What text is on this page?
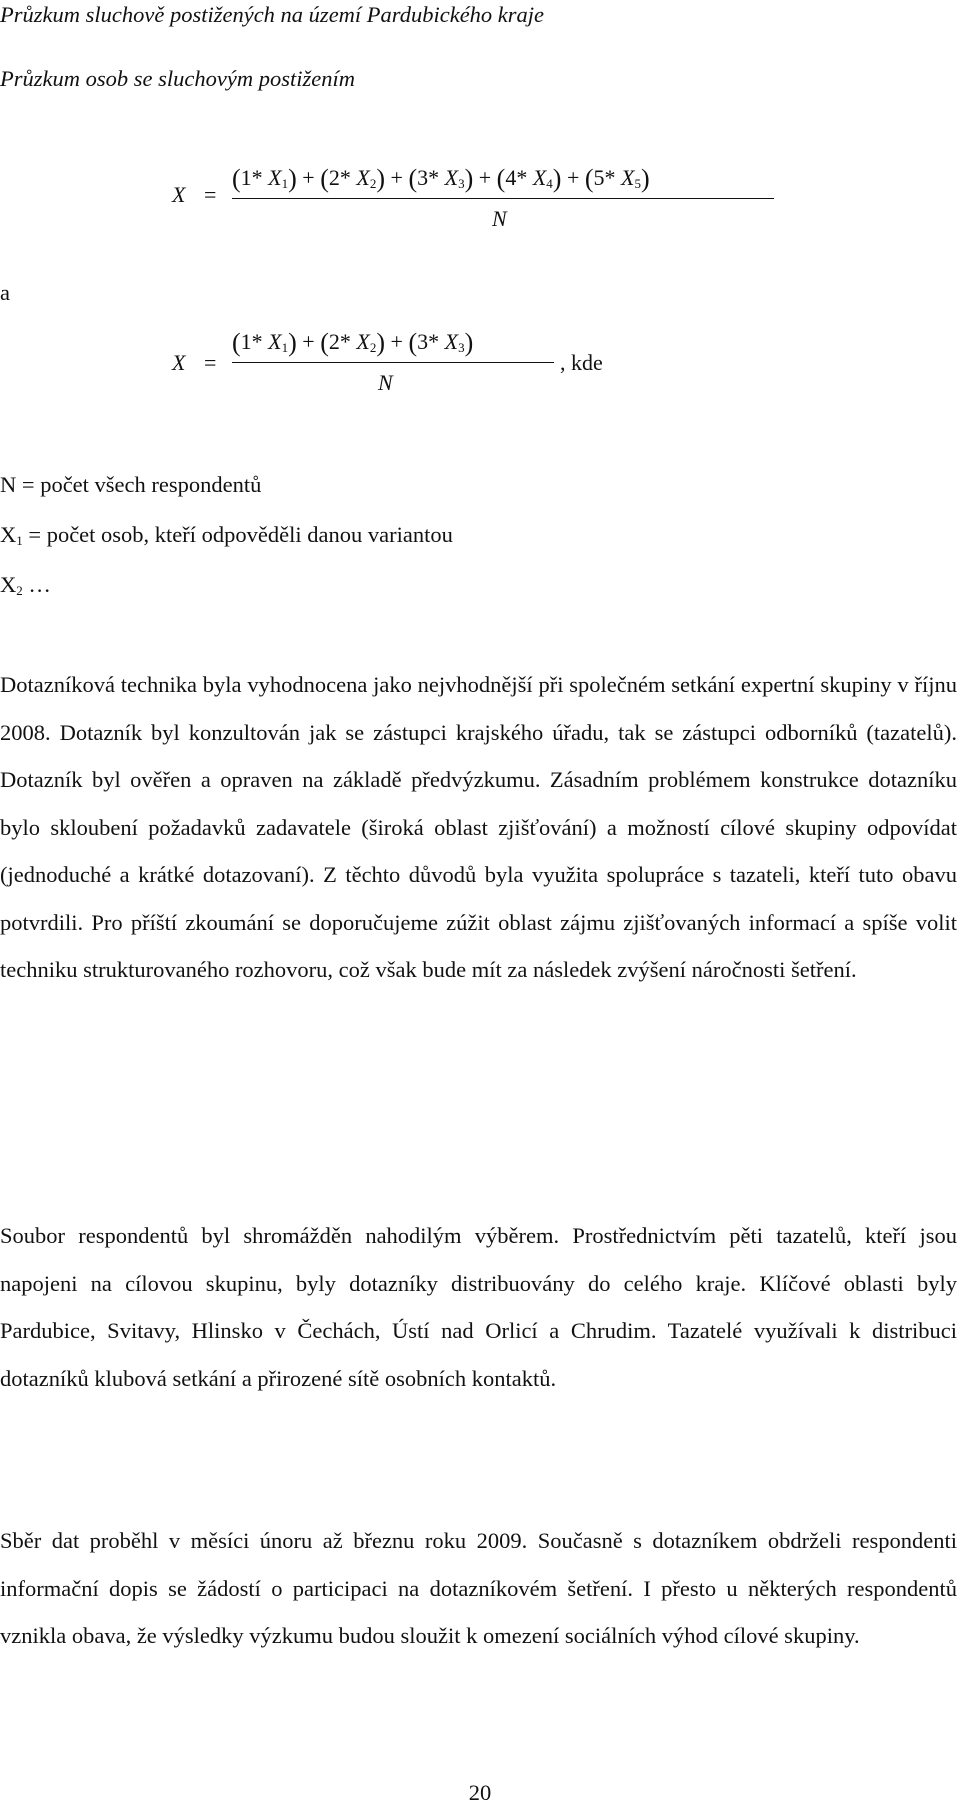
Průzkum sluchově postižených na území Pardubického kraje
Průzkum osob se sluchovým postižením
X =
(1* $X_1) + (2*$ $X_2) + (3*$ $X_3) + (4*$ $X_4) + (5*$ $X_5$)
N
a
X =
(1* $X_1) + (2*$ $X_2) + (3*$ $X_3$)
, kde
N
N = počet všech respondentů
$X_1$ = počet osob, kteří odpověděli danou variantou
$X_2$ …
Dotazníková technika byla vyhodnocena jako nejvhodnější při společném setkání expertní skupiny v říjnu 2008. Dotazník byl konzultován jak se zástupci krajského úřadu, tak se zástupci odborníků (tazatelů). Dotazník byl ověřen a opraven na základě předvýzkumu. Zásadním problémem konstrukce dotazníku bylo skloubení požadavků zadavatele (široká oblast zjišťování) a možností cílové skupiny odpovídat (jednoduché a krátké dotazovaní). Z těchto důvodů byla využita spolupráce s tazateli, kteří tuto obavu potvrdili. Pro příští zkoumání se doporučujeme zúžit oblast zájmu zjišťovaných informací a spíše volit techniku strukturovaného rozhovoru, což však bude mít za následek zvýšení náročnosti šetření.
Soubor respondentů byl shromážděn nahodilým výběrem. Prostřednictvím pěti tazatelů, kteří jsou napojeni na cílovou skupinu, byly dotazníky distribuovány do celého kraje. Klíčové oblasti byly Pardubice, Svitavy, Hlinsko v Čechách, Ústí nad Orlicí a Chrudim. Tazatelé využívali k distribuci dotazníků klubová setkání a přirozené sítě osobních kontaktů.
Sběr dat proběhl v měsíci únoru až březnu roku 2009. Současně s dotazníkem obdrželi respondenti informační dopis se žádostí o participaci na dotazníkovém šetření. I přesto u některých respondentů vznikla obava, že výsledky výzkumu budou sloužit k omezení sociálních výhod cílové skupiny.
20
